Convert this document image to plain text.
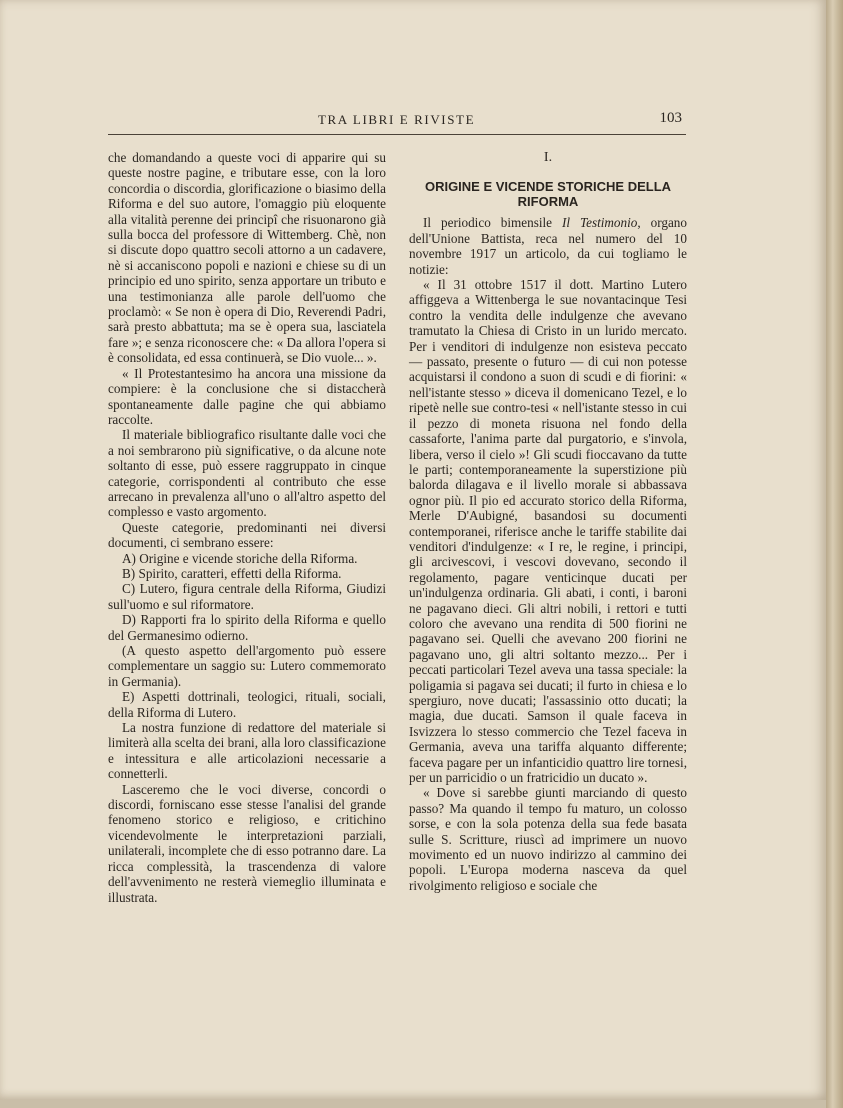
TRA LIBRI E RIVISTE	103

che domandando a queste voci di apparire qui su queste nostre pagine, e tributare esse, con la loro concordia o discordia, glorificazione o biasimo della Riforma e del suo autore, l'omaggio più eloquente alla vitalità perenne dei principî che risuonarono già sulla bocca del professore di Wittemberg. Chè, non si discute dopo quattro secoli attorno a un cadavere, nè si accaniscono popoli e nazioni e chiese su di un principio ed uno spirito, senza apportare un tributo e una testimonianza alle parole dell'uomo che proclamò: « Se non è opera di Dio, Reverendi Padri, sarà presto abbattuta; ma se è opera sua, lasciatela fare »; e senza riconoscere che: « Da allora l'opera si è consolidata, ed essa continuerà, se Dio vuole... ».

« Il Protestantesimo ha ancora una missione da compiere: è la conclusione che si distaccherà spontaneamente dalle pagine che qui abbiamo raccolte.

Il materiale bibliografico risultante dalle voci che a noi sembrarono più significative, o da alcune note soltanto di esse, può essere raggruppato in cinque categorie, corrispondenti al contributo che esse arrecano in prevalenza all'uno o all'altro aspetto del complesso e vasto argomento.

Queste categorie, predominanti nei diversi documenti, ci sembrano essere:

A) Origine e vicende storiche della Riforma.

B) Spirito, caratteri, effetti della Riforma.

C) Lutero, figura centrale della Riforma, Giudizi sull'uomo e sul riformatore.

D) Rapporti fra lo spirito della Riforma e quello del Germanesimo odierno.

(A questo aspetto dell'argomento può essere complementare un saggio su: Lutero commemorato in Germania).

E) Aspetti dottrinali, teologici, rituali, sociali, della Riforma di Lutero.

La nostra funzione di redattore del materiale si limiterà alla scelta dei brani, alla loro classificazione e intessitura e alle articolazioni necessarie a connetterli.

Lasceremo che le voci diverse, concordi o discordi, forniscano esse stesse l'analisi del grande fenomeno storico e religioso, e critichino vicendevolmente le interpretazioni parziali, unilaterali, incomplete che di esso potranno dare. La ricca complessità, la trascendenza di valore dell'avvenimento ne resterà viemeglio illuminata e illustrata.

I.
ORIGINE E VICENDE STORICHE DELLA RIFORMA

Il periodico bimensile Il Testimonio, organo dell'Unione Battista, reca nel numero del 10 novembre 1917 un articolo, da cui togliamo le notizie:

« Il 31 ottobre 1517 il dott. Martino Lutero affiggeva a Wittenberga le sue novantacinque Tesi contro la vendita delle indulgenze che avevano tramutato la Chiesa di Cristo in un lurido mercato. Per i venditori di indulgenze non esisteva peccato — passato, presente o futuro — di cui non potesse acquistarsi il condono a suon di scudi e di fiorini: « nell'istante stesso » diceva il domenicano Tezel, e lo ripetè nelle sue contro-tesi « nell'istante stesso in cui il pezzo di moneta risuona nel fondo della cassaforte, l'anima parte dal purgatorio, e s'invola, libera, verso il cielo »! Gli scudi fioccavano da tutte le parti; contemporaneamente la superstizione più balorda dilagava e il livello morale si abbassava ognor più. Il pio ed accurato storico della Riforma, Merle D'Aubigné, basandosi su documenti contemporanei, riferisce anche le tariffe stabilite dai venditori d'indulgenze: « I re, le regine, i principi, gli arcivescovi, i vescovi dovevano, secondo il regolamento, pagare venticinque ducati per un'indulgenza ordinaria. Gli abati, i conti, i baroni ne pagavano dieci. Gli altri nobili, i rettori e tutti coloro che avevano una rendita di 500 fiorini ne pagavano sei. Quelli che avevano 200 fiorini ne pagavano uno, gli altri soltanto mezzo... Per i peccati particolari Tezel aveva una tassa speciale: la poligamia si pagava sei ducati; il furto in chiesa e lo spergiuro, nove ducati; l'assassinio otto ducati; la magia, due ducati. Samson il quale faceva in Isvizzera lo stesso commercio che Tezel faceva in Germania, aveva una tariffa alquanto differente; faceva pagare per un infanticidio quattro lire tornesi, per un parricidio o un fratricidio un ducato ».

« Dove si sarebbe giunti marciando di questo passo? Ma quando il tempo fu maturo, un colosso sorse, e con la sola potenza della sua fede basata sulle S. Scritture, riuscì ad imprimere un nuovo movimento ed un nuovo indirizzo al cammino dei popoli. L'Europa moderna nasceva da quel rivolgimento religioso e sociale che
